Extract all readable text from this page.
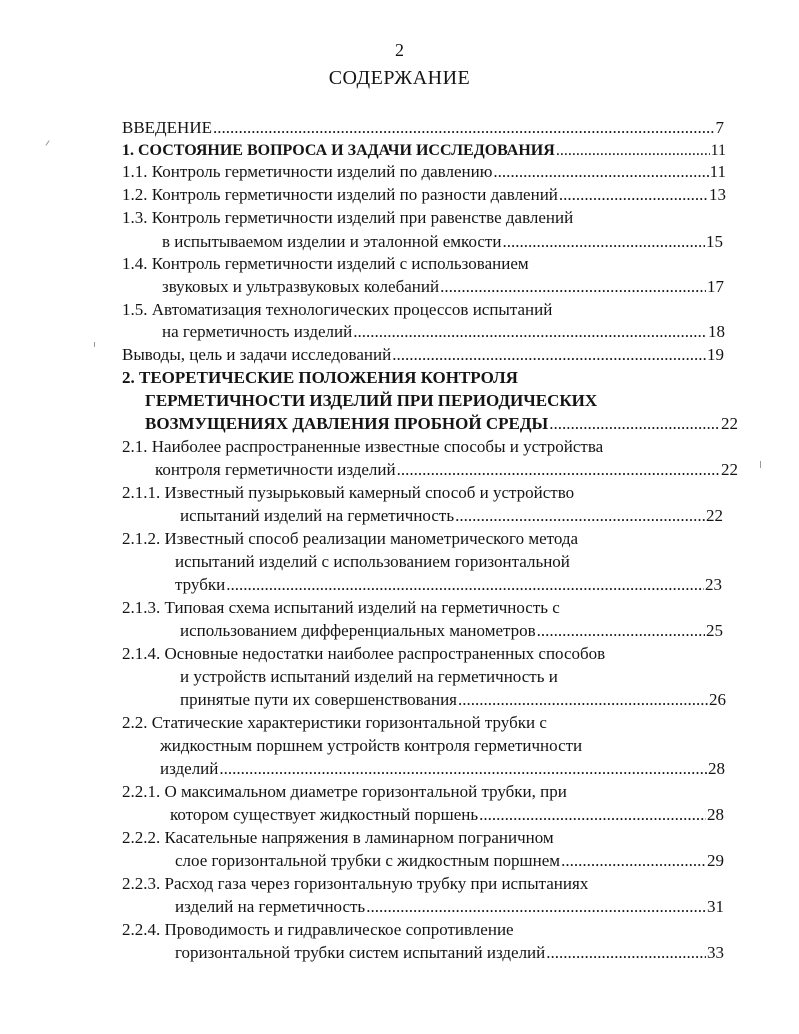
2
СОДЕРЖАНИЕ
ВВЕДЕНИЕ .....	7
1. СОСТОЯНИЕ ВОПРОСА И ЗАДАЧИ ИССЛЕДОВАНИЯ .....	11
1.1. Контроль герметичности изделий по давлению .....	11
1.2. Контроль герметичности изделий по разности давлений .....	13
1.3. Контроль герметичности изделий при равенстве давлений
в испытываемом изделии и эталонной емкости .....	15
1.4. Контроль герметичности изделий с использованием
звуковых и ультразвуковых колебаний .....	17
1.5. Автоматизация технологических процессов испытаний
на герметичность изделий .....	18
Выводы, цель и задачи исследований .....	19
2. ТЕОРЕТИЧЕСКИЕ ПОЛОЖЕНИЯ КОНТРОЛЯ
ГЕРМЕТИЧНОСТИ ИЗДЕЛИЙ ПРИ ПЕРИОДИЧЕСКИХ
ВОЗМУЩЕНИЯХ ДАВЛЕНИЯ ПРОБНОЙ СРЕДЫ .....	22
2.1. Наиболее распространенные известные способы и устройства
контроля герметичности изделий .....	22
2.1.1. Известный пузырьковый камерный способ и устройство
испытаний изделий на герметичность .....	22
2.1.2. Известный способ реализации манометрического метода
испытаний изделий с использованием горизонтальной
трубки .....	23
2.1.3. Типовая схема испытаний изделий на герметичность с
использованием дифференциальных манометров .....	25
2.1.4. Основные недостатки наиболее распространенных способов
и устройств испытаний изделий на герметичность и
принятые пути их совершенствования .....	26
2.2. Статические характеристики горизонтальной трубки с
жидкостным поршнем устройств контроля герметичности
изделий .....	28
2.2.1. О максимальном диаметре горизонтальной трубки, при
котором существует жидкостный поршень .....	28
2.2.2. Касательные напряжения в ламинарном пограничном
слое горизонтальной трубки с жидкостным поршнем .....	29
2.2.3. Расход газа через горизонтальную трубку при испытаниях
изделий на герметичность .....	31
2.2.4. Проводимость и гидравлическое сопротивление
горизонтальной трубки систем испытаний изделий .....	33
